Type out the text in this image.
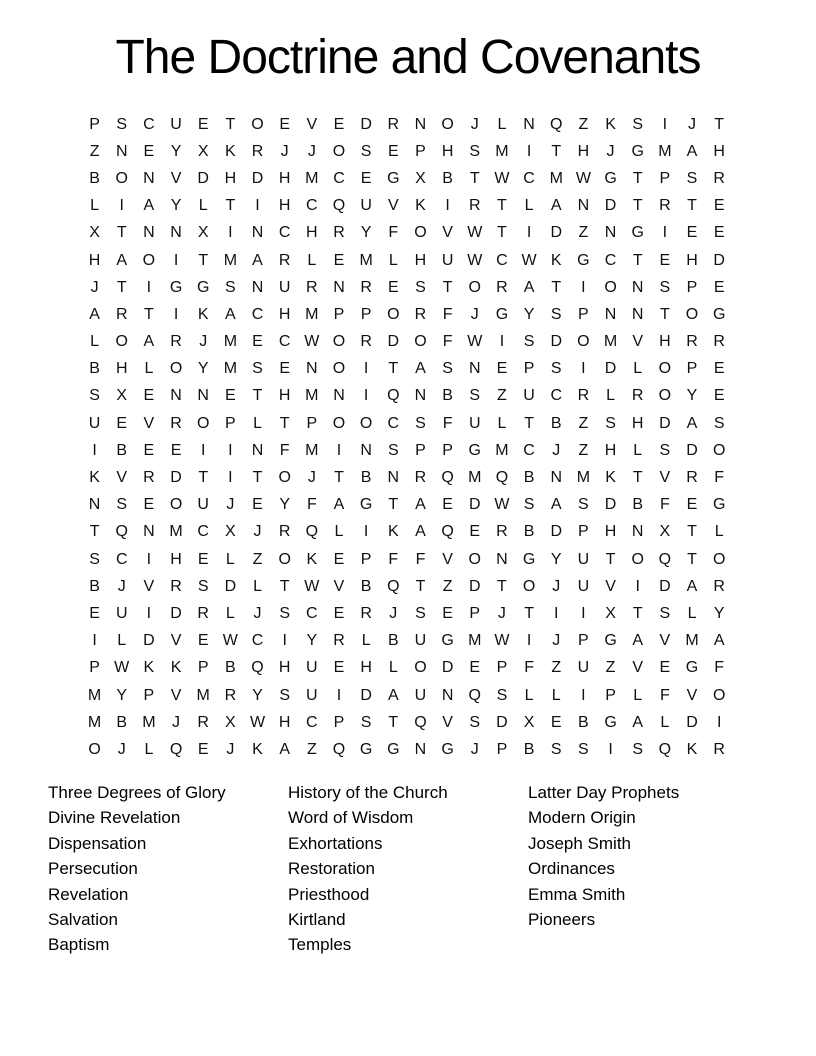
The Doctrine and Covenants
P	S	C U	E	T	O E	V	E	D R N O	J	L	N Q	Z	K	S	I	J	T
Z	N	E	Y	X	K	R	J	J	O S	E	P	H	S M	I	T	H	J	G M A	H
B O N	V	D H D H M C	E G X	B	T W C M W G	T	P	S	R
L	I	A	Y	L	T	I	H C Q U	V	K	I	R	T	L	A	N D	T	R	T	E
X	T	N N	X	I	N C H R	Y	F	O V W T	I	D	Z	N G	I	E	E
H	A O	I	T M A	R	L	E M	L	H U W C W K G C	T	E	H D
J	T	I	G G S	N U R N R	E	S	T	O R	A	T	I	O N	S	P	E
A	R	T	I	K	A	C H M P	P O R	F	J	G Y	S	P	N N	T	O G
L	O A	R	J	M E	C W O R D O	F W	I	S	D O M V	H R R
B	H	L	O Y M S	E	N O	I	T	A	S	N	E	P	S	I	D	L	O P	E
S	X	E	N N	E	T	H M N	I	Q N	B	S	Z	U C R	L	R O Y	E
U	E	V	R O P	L	T	P O O C	S	F	U	L	T	B	Z	S	H D	A	S
I	B	E	E	I	I	N	F M	I	N	S	P	P G M C	J	Z	H	L	S	D O
K	V	R D	T	I	T	O	J	T	B	N R Q M Q B	N M K	T	V	R	F
N	S	E O U	J	E	Y	F	A G	T	A	E	D W S	A	S	D	B	F	E G
T	Q N M C	X	J	R Q	L	I	K	A Q E	R	B	D	P	H N	X	T	L
S	C	I	H	E	L	Z	O K	E	P	F	F	V O N G Y	U	T	O Q	T	O
B	J	V	R	S	D	L	T W V	B Q	T	Z	D	T	O	J	U	V	I	D	A	R
E	U	I	D R	L	J	S	C	E	R	J	S	E	P	J	T	I	I	X	T	S	L	Y
I	L	D	V	E W C	I	Y	R	L	B	U G M W	I	J	P G A	V M A
P W K	K	P	B Q H U	E	H	L	O D	E	P	F	Z	U	Z	V	E G	F
M Y	P	V M R	Y	S	U	I	D	A	U N Q S	L	L	I	P	L	F	V O
M B M	J	R	X W H C	P	S	T	Q V	S	D	X	E	B G A	L	D	I
O	J	L	Q E	J	K	A	Z	Q G G N G	J	P	B	S	S	I	S Q K	R
Three Degrees of Glory
Divine Revelation
Dispensation
Persecution
Revelation
Salvation
Baptism
History of the Church
Word of Wisdom
Exhortations
Restoration
Priesthood
Kirtland
Temples
Latter Day Prophets
Modern Origin
Joseph Smith
Ordinances
Emma Smith
Pioneers
